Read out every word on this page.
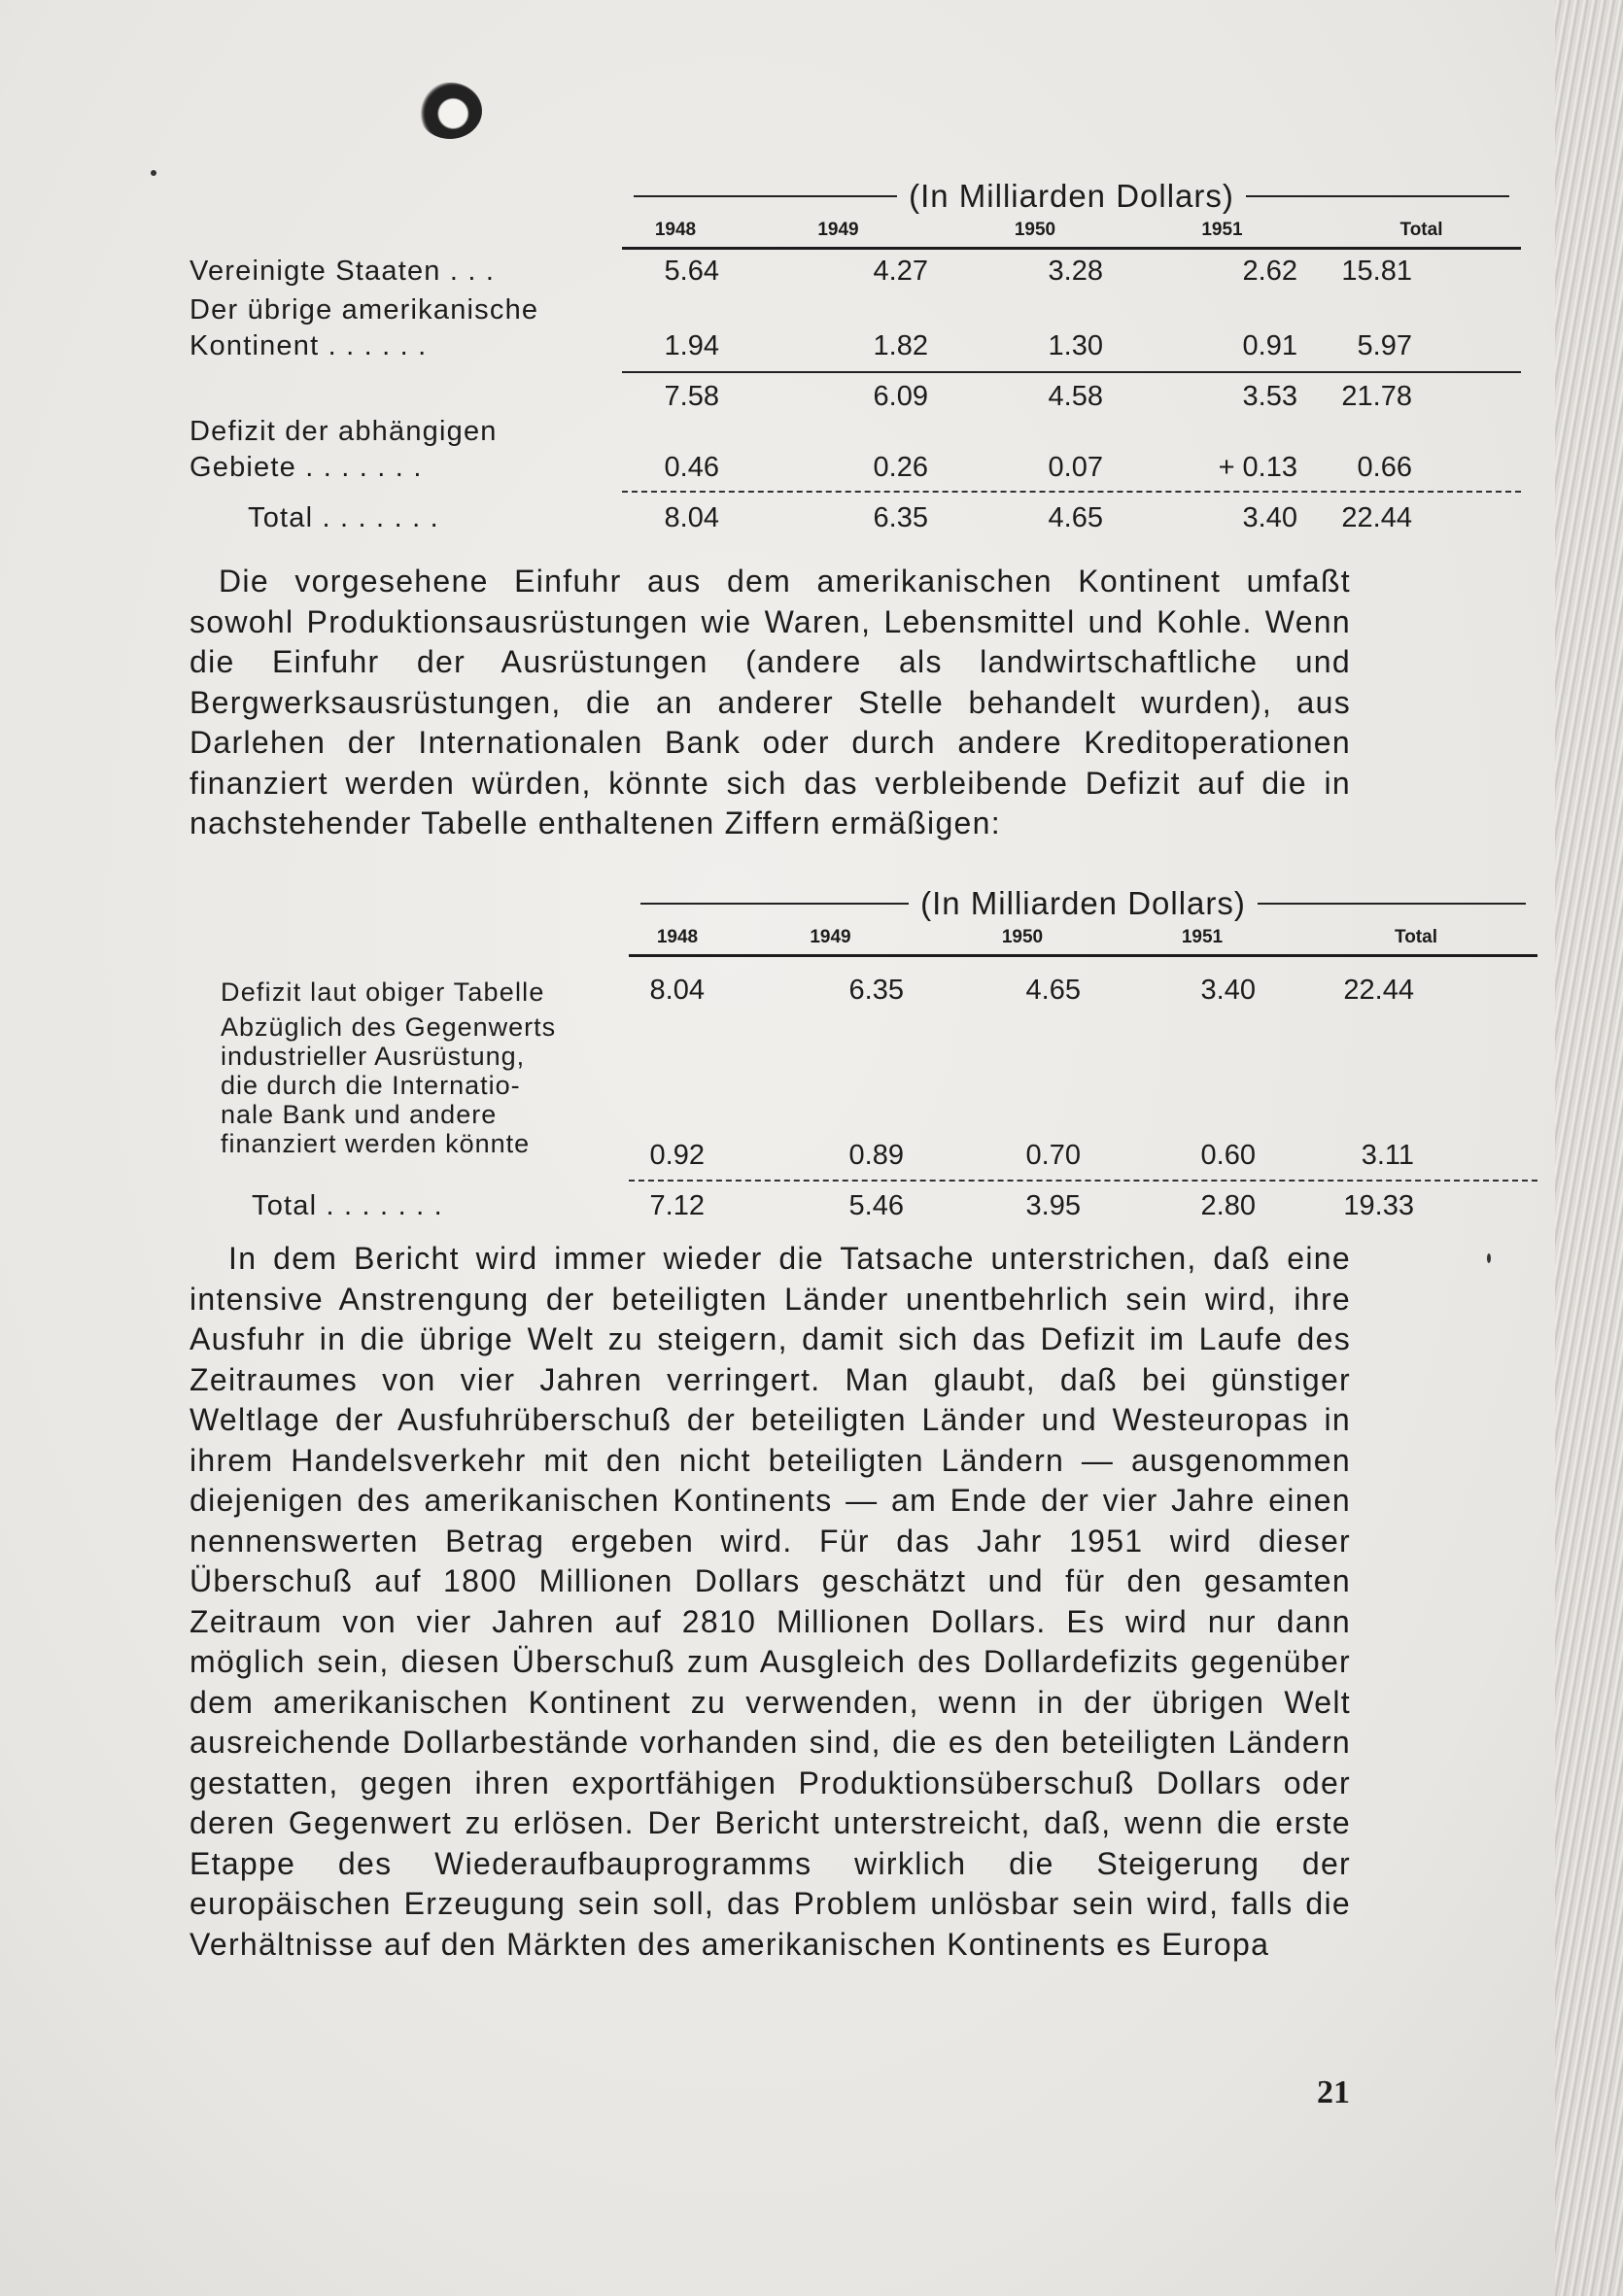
(In Milliarden Dollars)
1948	1949	1950	1951	Total
Vereinigte Staaten . . .	5.64	4.27	3.28	2.62	15.81
Der übrige amerikanische
Kontinent . . . . . .	1.94	1.82	1.30	0.91	5.97
7.58	6.09	4.58	3.53	21.78
Defizit der abhängigen
Gebiete . . . . . . .	0.46	0.26	0.07	+ 0.13	0.66
Total . . . . . . .	8.04	6.35	4.65	3.40	22.44
Die vorgesehene Einfuhr aus dem amerikanischen Kontinent umfaßt sowohl Produktionsausrüstungen wie Waren, Lebensmittel und Kohle. Wenn die Einfuhr der Ausrüstungen (andere als landwirtschaftliche und Bergwerksausrüstungen, die an anderer Stelle behandelt wurden), aus Darlehen der Internationalen Bank oder durch andere Kreditoperationen finanziert werden würden, könnte sich das verbleibende Defizit auf die in nachstehender Tabelle enthaltenen Ziffern ermäßigen:
(In Milliarden Dollars)
1948	1949	1950	1951	Total
Defizit laut obiger Tabelle	8.04	6.35	4.65	3.40	22.44
Abzüglich des Gegenwerts
industrieller Ausrüstung,
die durch die Internatio-
nale Bank und andere
finanziert werden könnte	0.92	0.89	0.70	0.60	3.11
Total . . . . . . .	7.12	5.46	3.95	2.80	19.33
In dem Bericht wird immer wieder die Tatsache unterstrichen, daß eine intensive Anstrengung der beteiligten Länder unentbehrlich sein wird, ihre Ausfuhr in die übrige Welt zu steigern, damit sich das Defizit im Laufe des Zeitraumes von vier Jahren verringert. Man glaubt, daß bei günstiger Weltlage der Ausfuhrüberschuß der beteiligten Länder und Westeuropas in ihrem Handelsverkehr mit den nicht beteiligten Ländern — ausgenommen diejenigen des amerikanischen Kontinents — am Ende der vier Jahre einen nennenswerten Betrag ergeben wird. Für das Jahr 1951 wird dieser Überschuß auf 1800 Millionen Dollars geschätzt und für den gesamten Zeitraum von vier Jahren auf 2810 Millionen Dollars. Es wird nur dann möglich sein, diesen Überschuß zum Ausgleich des Dollardefizits gegenüber dem amerikanischen Kontinent zu verwenden, wenn in der übrigen Welt ausreichende Dollarbestände vorhanden sind, die es den beteiligten Ländern gestatten, gegen ihren exportfähigen Produktionsüberschuß Dollars oder deren Gegenwert zu erlösen. Der Bericht unterstreicht, daß, wenn die erste Etappe des Wiederaufbauprogramms wirklich die Steigerung der europäischen Erzeugung sein soll, das Problem unlösbar sein wird, falls die Verhältnisse auf den Märkten des amerikanischen Kontinents es Europa
21
